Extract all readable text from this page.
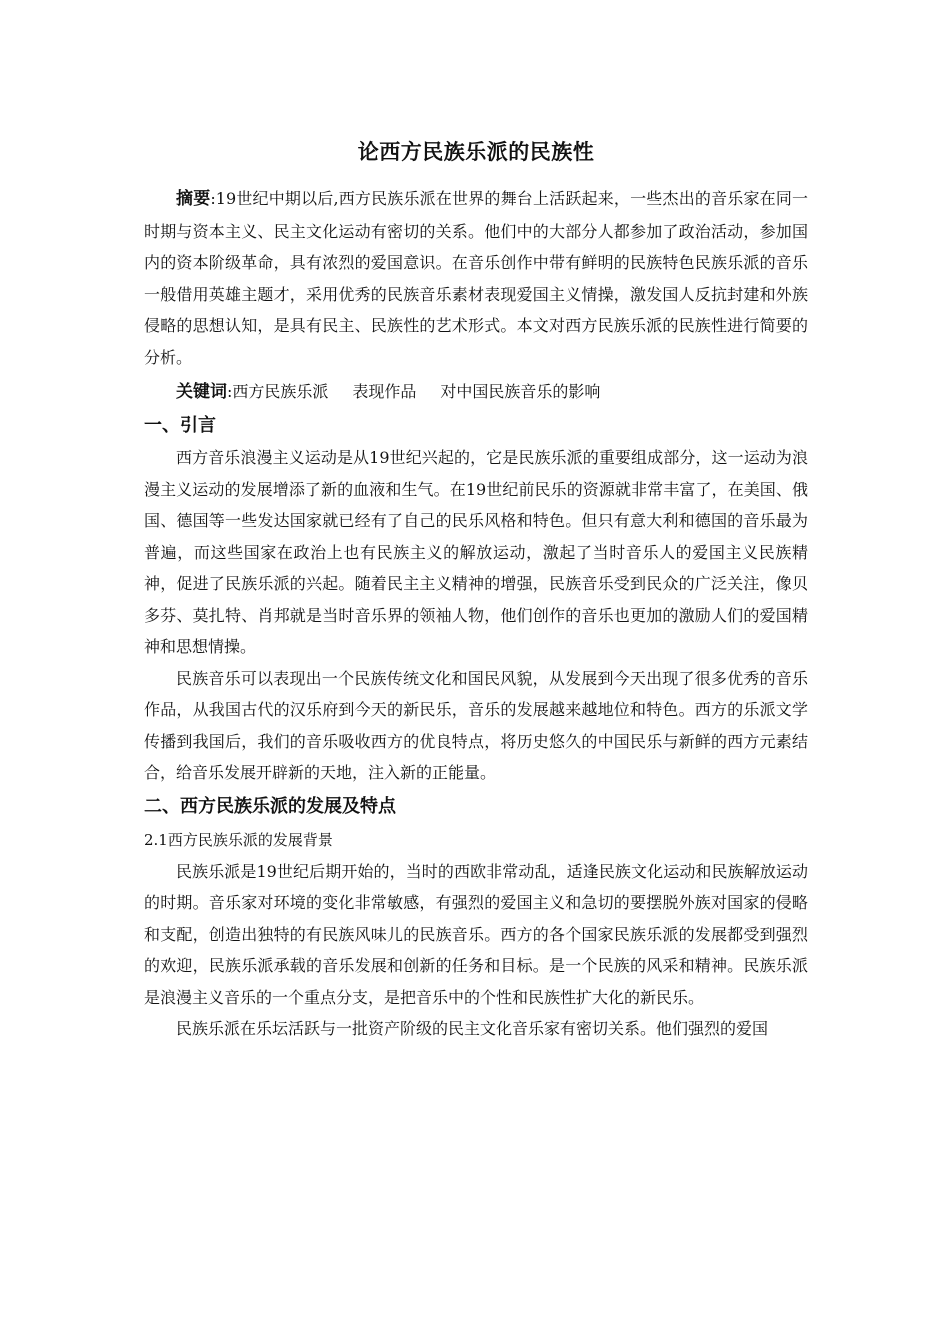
论西方民族乐派的民族性

摘要:19世纪中期以后,西方民族乐派在世界的舞台上活跃起来，一些杰出的音乐家在同一时期与资本主义、民主文化运动有密切的关系。他们中的大部分人都参加了政治活动，参加国内的资本阶级革命，具有浓烈的爱国意识。在音乐创作中带有鲜明的民族特色民族乐派的音乐一般借用英雄主题才，采用优秀的民族音乐素材表现爱国主义情操，激发国人反抗封建和外族侵略的思想认知，是具有民主、民族性的艺术形式。本文对西方民族乐派的民族性进行简要的分析。

关键词:西方民族乐派 表现作品 对中国民族音乐的影响

一、引言

西方音乐浪漫主义运动是从19世纪兴起的，它是民族乐派的重要组成部分，这一运动为浪漫主义运动的发展增添了新的血液和生气。在19世纪前民乐的资源就非常丰富了，在美国、俄国、德国等一些发达国家就已经有了自己的民乐风格和特色。但只有意大利和德国的音乐最为普遍，而这些国家在政治上也有民族主义的解放运动，激起了当时音乐人的爱国主义民族精神，促进了民族乐派的兴起。随着民主主义精神的增强，民族音乐受到民众的广泛关注，像贝多芬、莫扎特、肖邦就是当时音乐界的领袖人物，他们创作的音乐也更加的激励人们的爱国精神和思想情操。

民族音乐可以表现出一个民族传统文化和国民风貌，从发展到今天出现了很多优秀的音乐作品，从我国古代的汉乐府到今天的新民乐，音乐的发展越来越地位和特色。西方的乐派文学传播到我国后，我们的音乐吸收西方的优良特点，将历史悠久的中国民乐与新鲜的西方元素结合，给音乐发展开辟新的天地，注入新的正能量。

二、西方民族乐派的发展及特点
2.1西方民族乐派的发展背景

民族乐派是19世纪后期开始的，当时的西欧非常动乱，适逢民族文化运动和民族解放运动的时期。音乐家对环境的变化非常敏感，有强烈的爱国主义和急切的要摆脱外族对国家的侵略和支配，创造出独特的有民族风味儿的民族音乐。西方的各个国家民族乐派的发展都受到强烈的欢迎，民族乐派承载的音乐发展和创新的任务和目标。是一个民族的风采和精神。民族乐派是浪漫主义音乐的一个重点分支，是把音乐中的个性和民族性扩大化的新民乐。

民族乐派在乐坛活跃与一批资产阶级的民主文化音乐家有密切关系。他们强烈的爱国
